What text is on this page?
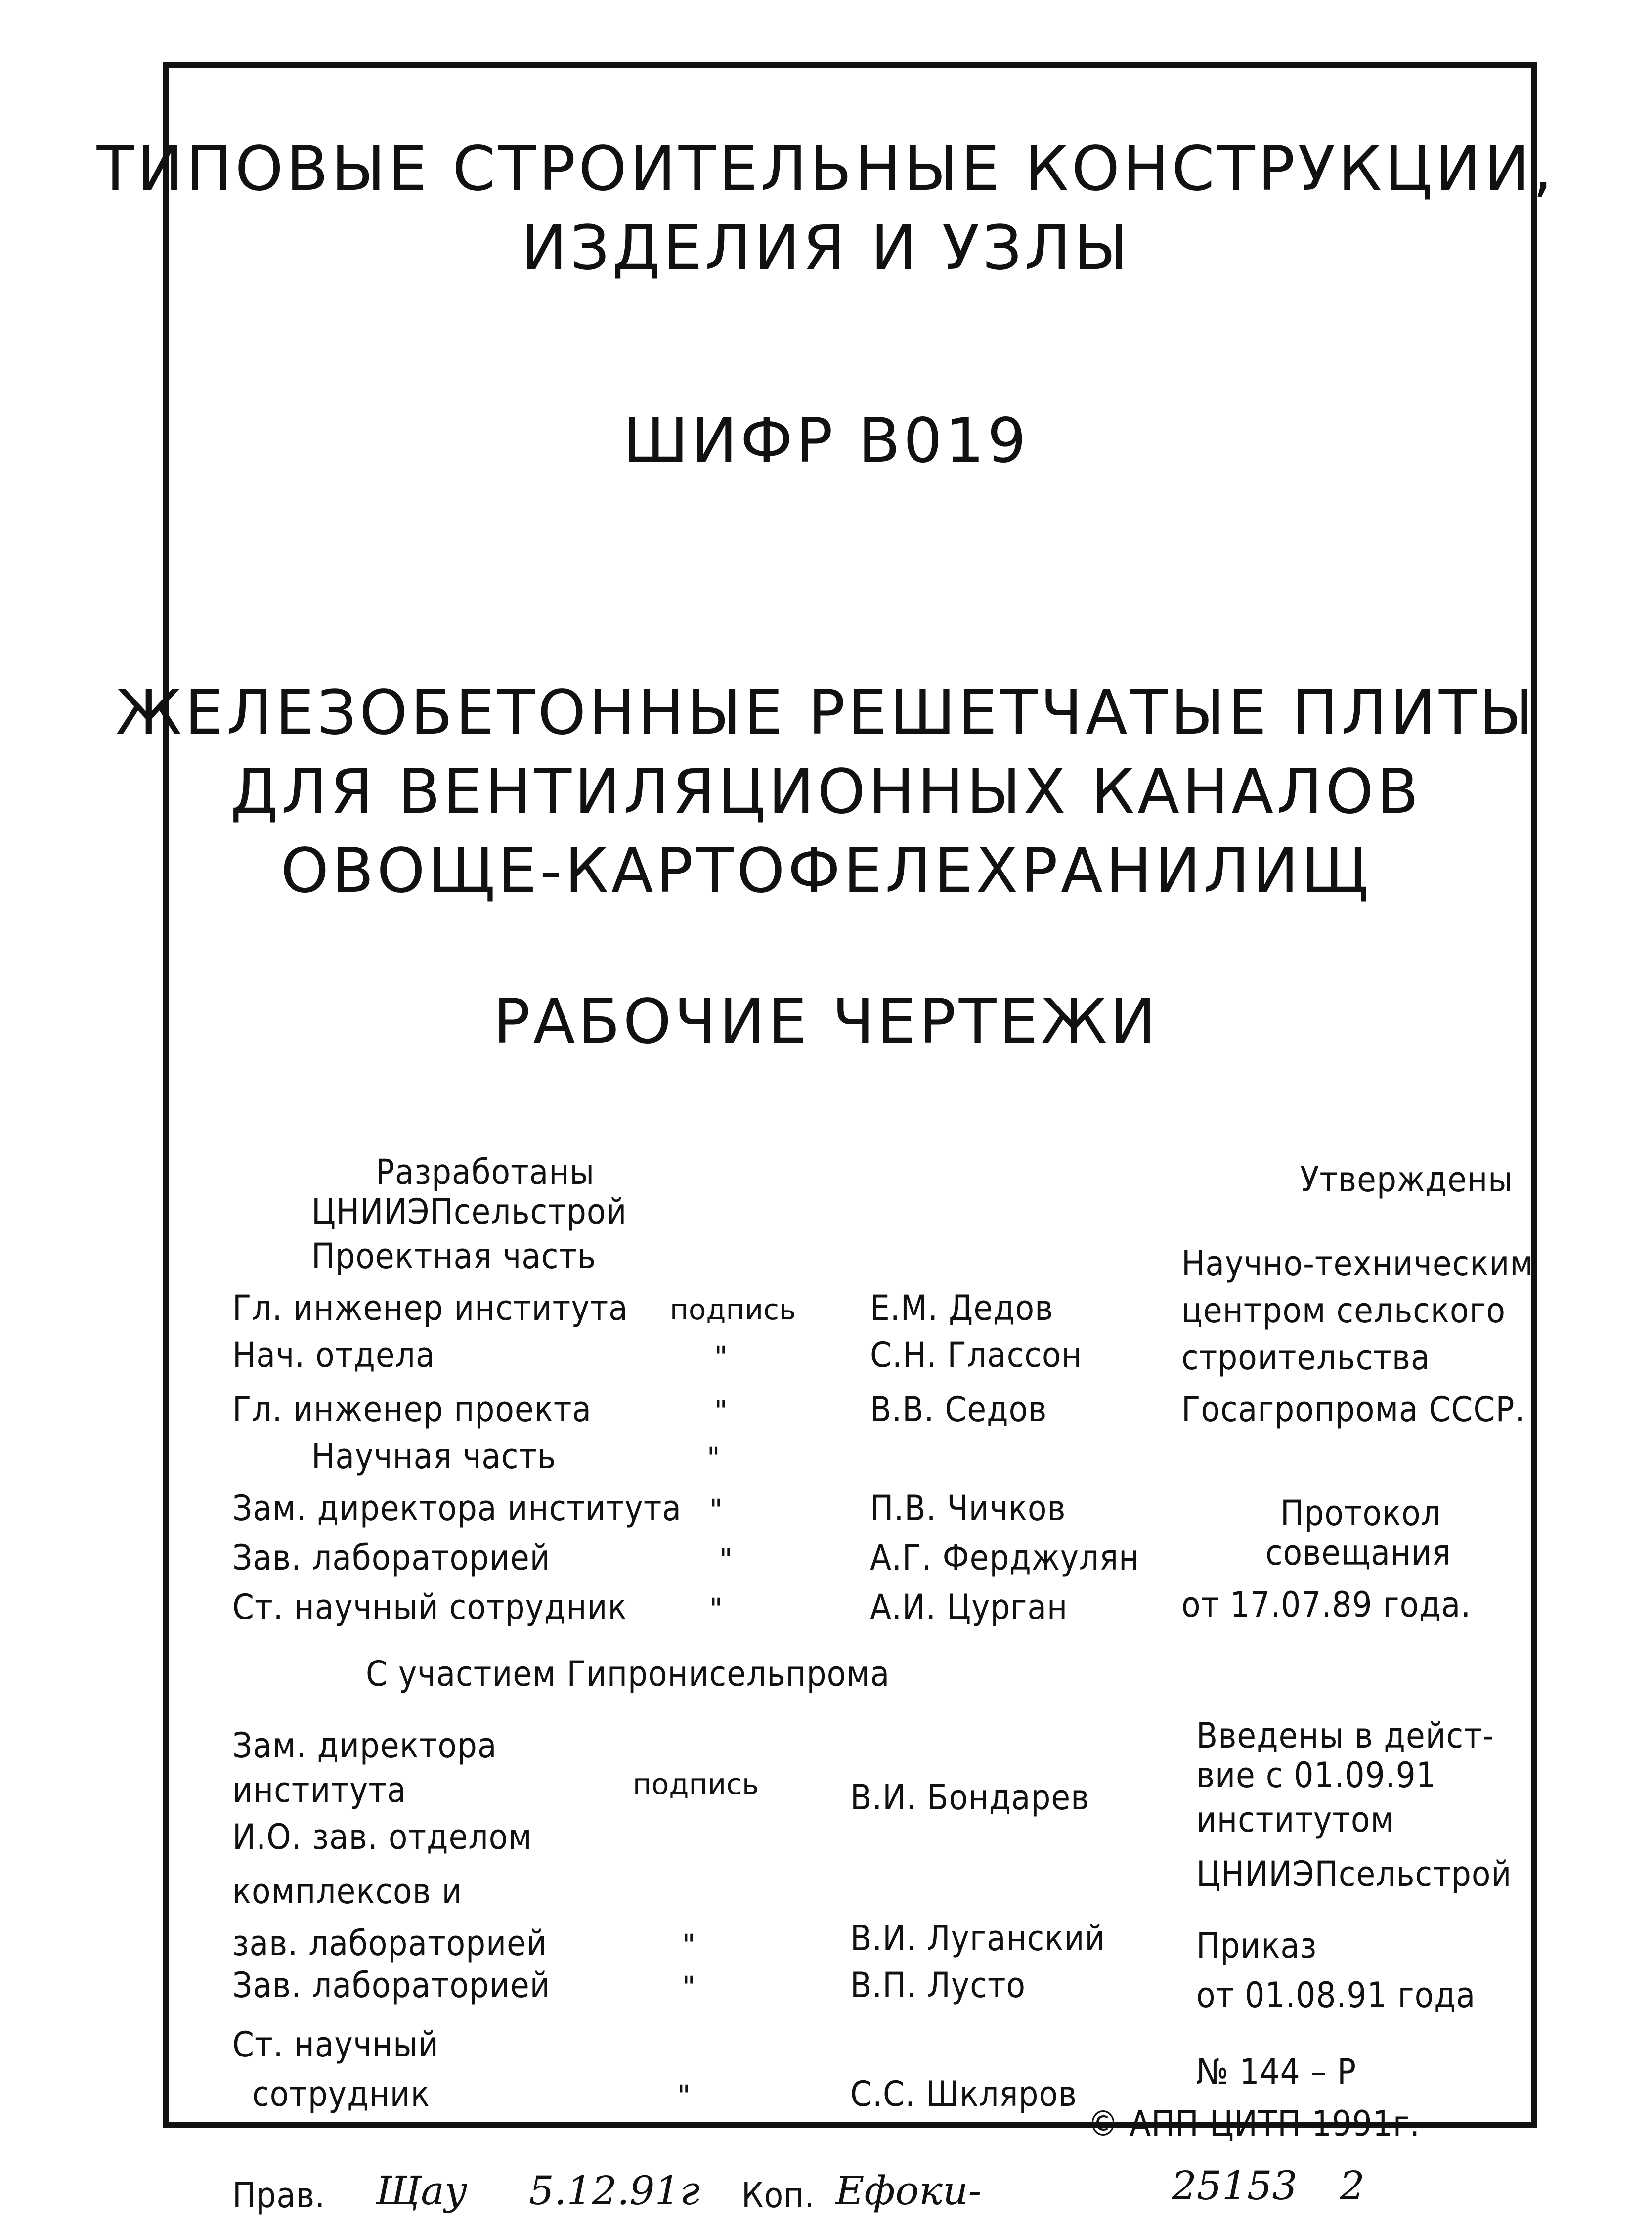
ТИПОВЫЕ СТРОИТЕЛЬНЫЕ КОНСТРУКЦИИ,
ИЗДЕЛИЯ И УЗЛЫ
ШИФР В019
ЖЕЛЕЗОБЕТОННЫЕ РЕШЕТЧАТЫЕ ПЛИТЫ
ДЛЯ ВЕНТИЛЯЦИОННЫХ КАНАЛОВ
ОВОЩЕ-КАРТОФЕЛЕХРАНИЛИЩ
РАБОЧИЕ ЧЕРТЕЖИ
Разработаны
ЦНИИЭПсельстрой
Проектная часть
Гл. инженер института подпись Е.М. Дедов
Нач. отдела	"	С.Н. Глассон
Гл. инженер проекта	"	В.В. Седов
Научная часть	"
Зам. директора института "	П.В. Чичков
Зав. лабораторией	"	А.Г. Ферджулян
Ст. научный сотрудник	"	А.И. Цурган
Утверждены
Научно-техническим
центром сельского
строительства
Госагропрома СССР.
Протокол
совещания
от 17.07.89 года.
С участием Гипронисельпрома
Зам. директора
института	подпись	В.И. Бондарев
И.О. зав. отделом
комплексов и
зав. лабораторией	"	В.И. Луганский
Зав. лабораторией	"	В.П. Лусто
Ст. научный
сотрудник	"	С.С. Шкляров
Введены в дейст-
вие с 01.09.91
институтом
ЦНИИЭПсельстрой
Приказ
от 01.08.91 года
№ 144 – Р
© АПП ЦИТП 1991г.
Прав. Щау 5.12.91г Коп. Ефоки-	25153 2
